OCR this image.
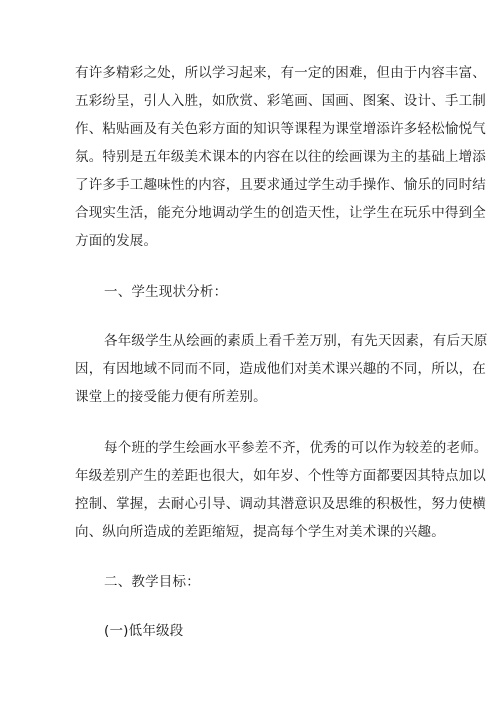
有许多精彩之处，所以学习起来，有一定的困难，但由于内容丰富、
五彩纷呈，引人入胜，如欣赏、彩笔画、国画、图案、设计、手工制
作、粘贴画及有关色彩方面的知识等课程为课堂增添许多轻松愉悦气
氛。特别是五年级美术课本的内容在以往的绘画课为主的基础上增添
了许多手工趣味性的内容，且要求通过学生动手操作、愉乐的同时结
合现实生活，能充分地调动学生的创造天性，让学生在玩乐中得到全
方面的发展。
一、学生现状分析：
各年级学生从绘画的素质上看千差万别，有先天因素，有后天原
因，有因地域不同而不同，造成他们对美术课兴趣的不同，所以，在
课堂上的接受能力便有所差别。
每个班的学生绘画水平参差不齐，优秀的可以作为较差的老师。
年级差别产生的差距也很大，如年岁、个性等方面都要因其特点加以
控制、掌握，去耐心引导、调动其潜意识及思维的积极性，努力使横
向、纵向所造成的差距缩短，提高每个学生对美术课的兴趣。
二、教学目标：
(一)低年级段
